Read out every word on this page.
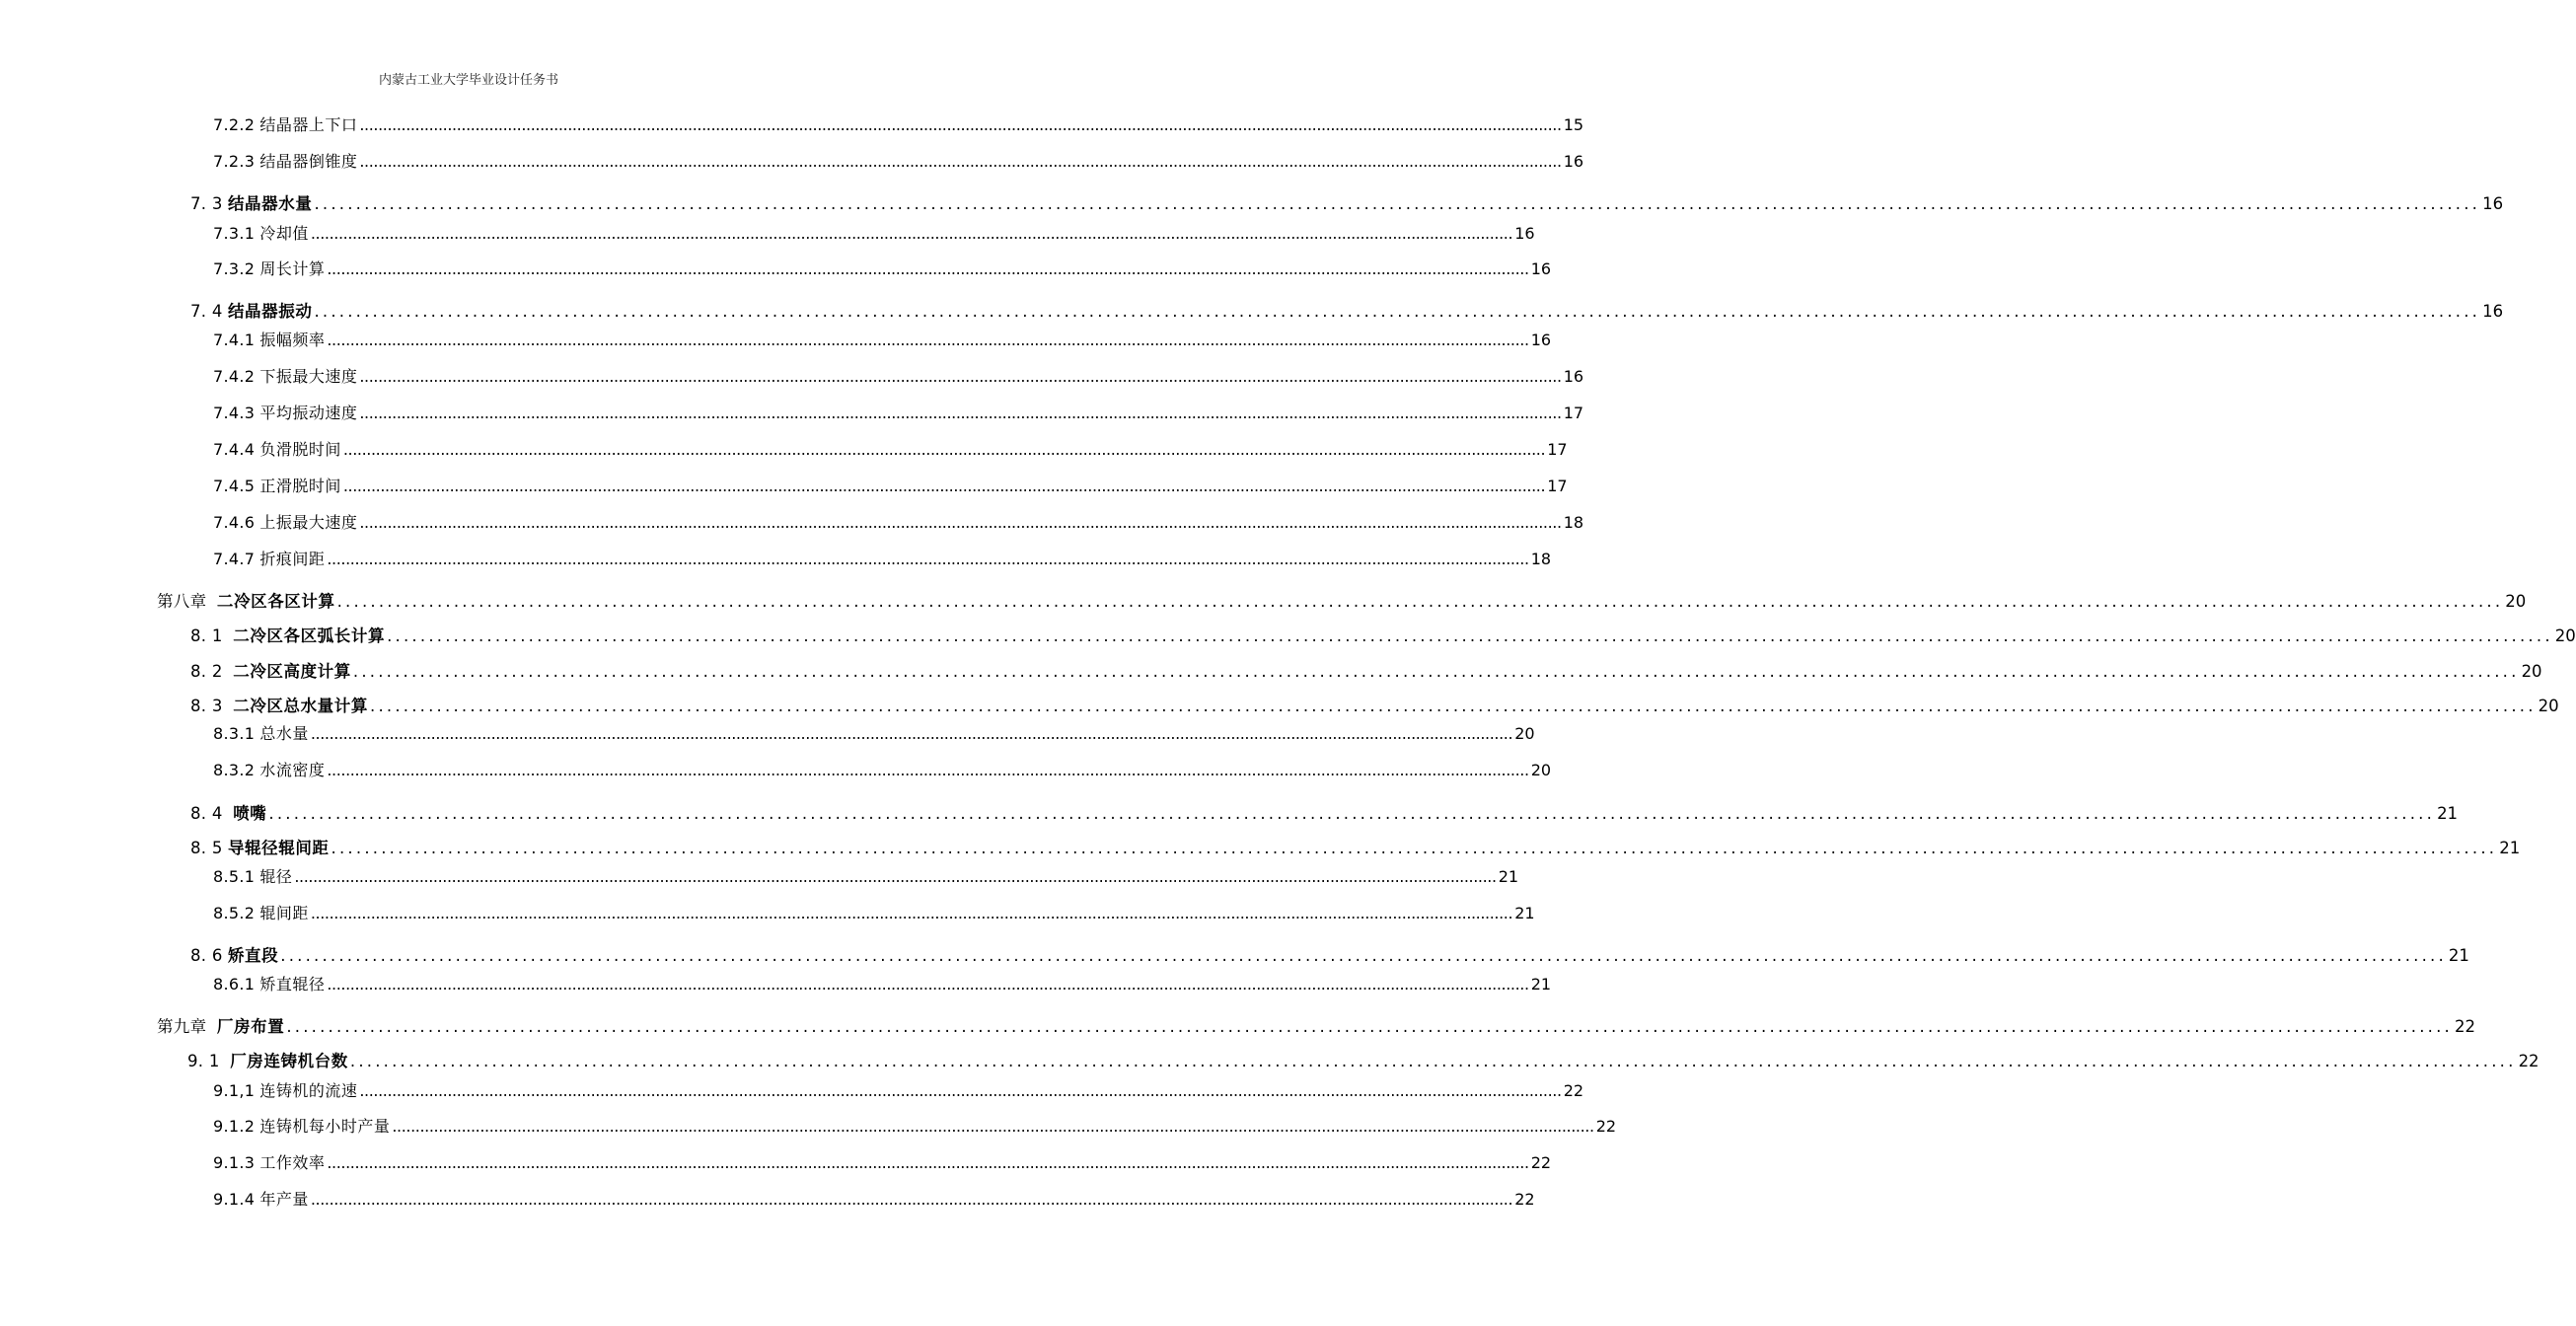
内蒙古工业大学毕业设计任务书
7.2.2
结晶器上下口 .................................................................................................................................................................................................................................................................... 15
7.2.3
结晶器倒锥度 .................................................................................................................................................................................................................................................................... 16
7. 3
结晶器水量 .................................................................................................................................................................................................................................................................... 16
7.3.1
冷却值 .................................................................................................................................................................................................................................................................... 16
7.3.2
周长计算 .................................................................................................................................................................................................................................................................... 16
7. 4
结晶器振动 .................................................................................................................................................................................................................................................................... 16
7.4.1
振幅频率 .................................................................................................................................................................................................................................................................... 16
7.4.2
下振最大速度 .................................................................................................................................................................................................................................................................... 16
7.4.3
平均振动速度 .................................................................................................................................................................................................................................................................... 17
7.4.4
负滑脱时间 .................................................................................................................................................................................................................................................................... 17
7.4.5
正滑脱时间 .................................................................................................................................................................................................................................................................... 17
7.4.6
上振最大速度 .................................................................................................................................................................................................................................................................... 18
7.4.7
折痕间距 .................................................................................................................................................................................................................................................................... 18
第八章
二冷区各区计算 .................................................................................................................................................................................................................................................................... 20
8. 1
二冷区各区弧长计算 .................................................................................................................................................................................................................................................................... 20
8. 2
二冷区高度计算 .................................................................................................................................................................................................................................................................... 20
8. 3
二冷区总水量计算 .................................................................................................................................................................................................................................................................... 20
8.3.1
总水量 .................................................................................................................................................................................................................................................................... 20
8.3.2
水流密度 .................................................................................................................................................................................................................................................................... 20
8. 4
喷嘴 .................................................................................................................................................................................................................................................................... 21
8. 5
导辊径辊间距 .................................................................................................................................................................................................................................................................... 21
8.5.1
辊径 .................................................................................................................................................................................................................................................................... 21
8.5.2
辊间距 .................................................................................................................................................................................................................................................................... 21
8. 6
矫直段 .................................................................................................................................................................................................................................................................... 21
8.6.1
矫直辊径 .................................................................................................................................................................................................................................................................... 21
第九章
厂房布置 .................................................................................................................................................................................................................................................................... 22
9. 1
厂房连铸机台数 .................................................................................................................................................................................................................................................................... 22
9.1,1
连铸机的流速 .................................................................................................................................................................................................................................................................... 22
9.1.2
连铸机每小时产量 .................................................................................................................................................................................................................................................................... 22
9.1.3
工作效率 .................................................................................................................................................................................................................................................................... 22
9.1.4
年产量 .................................................................................................................................................................................................................................................................... 22
